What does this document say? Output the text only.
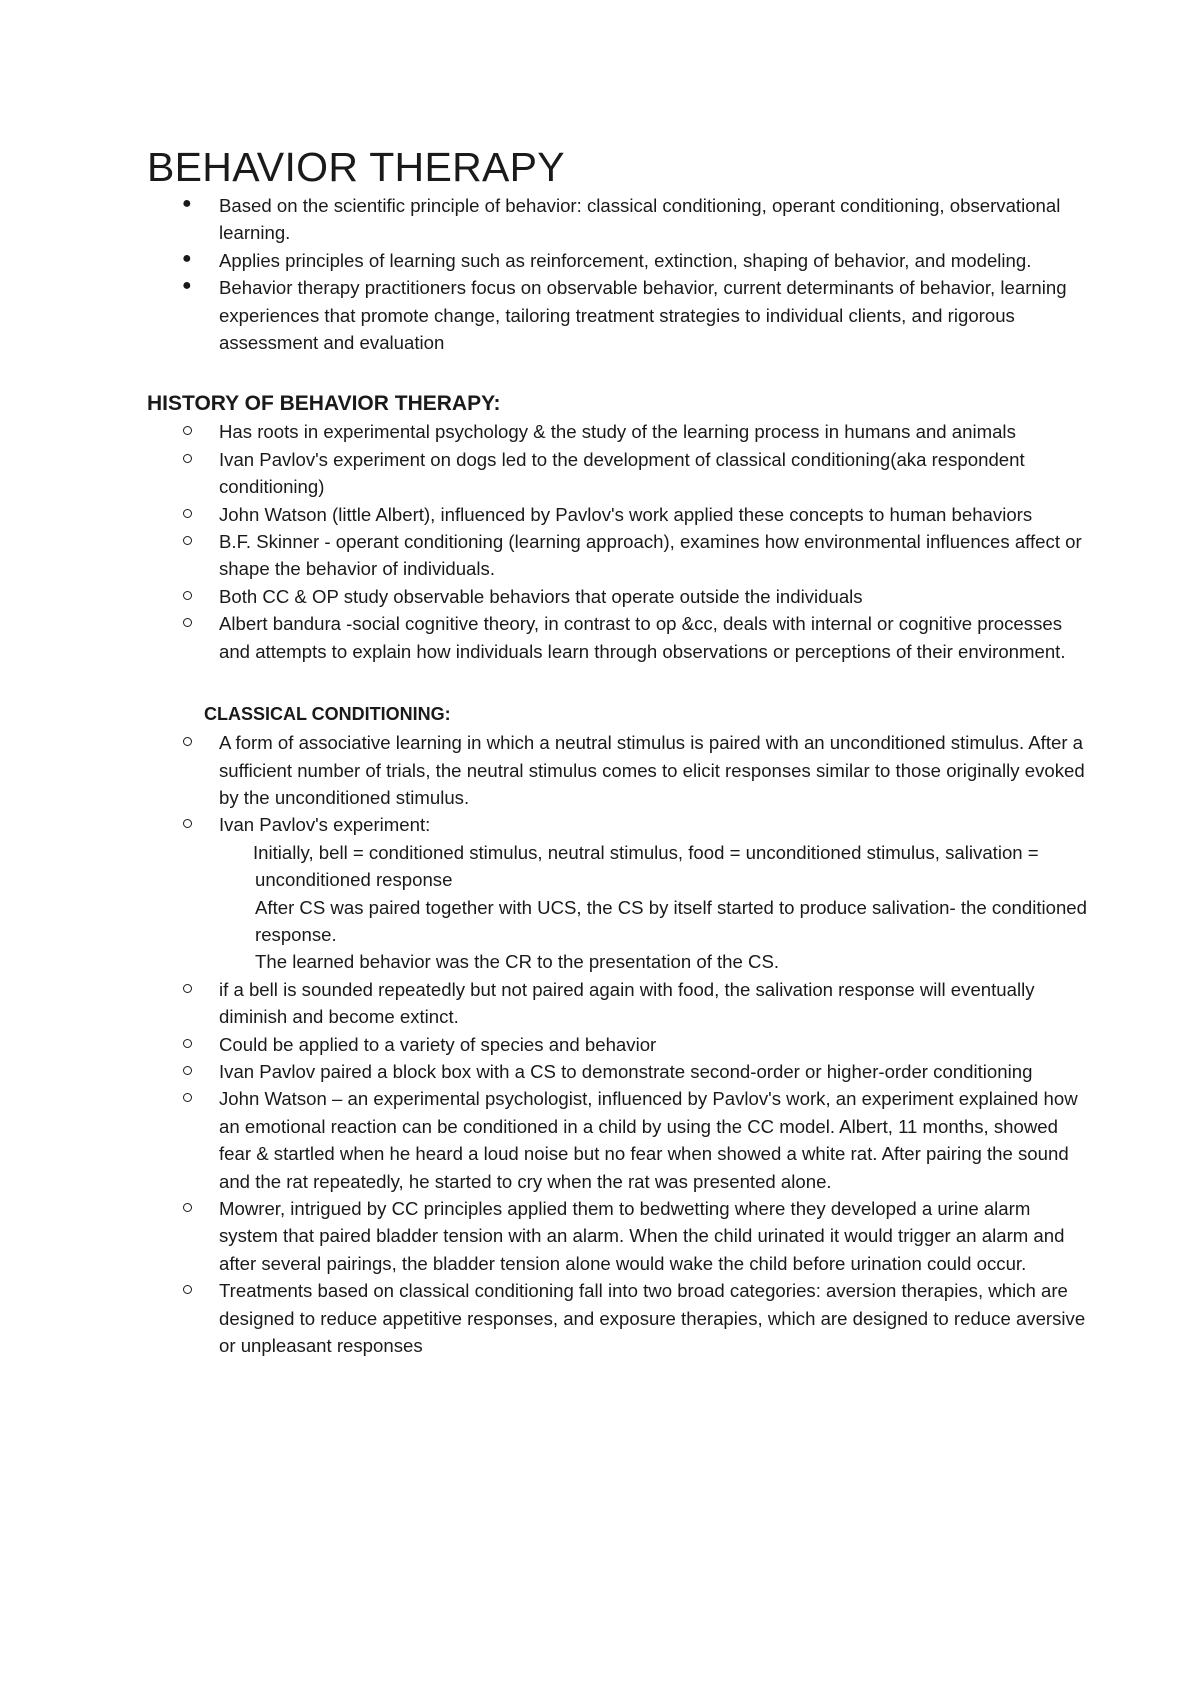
BEHAVIOR THERAPY
● Based on the scientific principle of behavior: classical conditioning, operant conditioning, observational learning.
● Applies principles of learning such as reinforcement, extinction, shaping of behavior, and modeling.
● Behavior therapy practitioners focus on observable behavior, current determinants of behavior, learning experiences that promote change, tailoring treatment strategies to individual clients, and rigorous assessment and evaluation
HISTORY OF BEHAVIOR THERAPY:
Has roots in experimental psychology & the study of the learning process in humans and animals
Ivan Pavlov's experiment on dogs led to the development of classical conditioning(aka respondent conditioning)
John Watson (little Albert), influenced by Pavlov's work applied these concepts to human behaviors
B.F. Skinner - operant conditioning (learning approach), examines how environmental influences affect or shape the behavior of individuals.
Both CC & OP study observable behaviors that operate outside the individuals
Albert bandura -social cognitive theory, in contrast to op &cc, deals with internal or cognitive processes and attempts to explain how individuals learn through observations or perceptions of their environment.
CLASSICAL CONDITIONING:
A form of associative learning in which a neutral stimulus is paired with an unconditioned stimulus. After a sufficient number of trials, the neutral stimulus comes to elicit responses similar to those originally evoked by the unconditioned stimulus.
Ivan Pavlov's experiment:
Initially, bell = conditioned stimulus, neutral stimulus, food = unconditioned stimulus, salivation = unconditioned response
After CS was paired together with UCS, the CS by itself started to produce salivation- the conditioned response.
The learned behavior was the CR to the presentation of the CS.
if a bell is sounded repeatedly but not paired again with food, the salivation response will eventually diminish and become extinct.
Could be applied to a variety of species and behavior
Ivan Pavlov paired a block box with a CS to demonstrate second-order or higher-order conditioning
John Watson – an experimental psychologist, influenced by Pavlov's work, an experiment explained how an emotional reaction can be conditioned in a child by using the CC model. Albert, 11 months, showed fear & startled when he heard a loud noise but no fear when showed a white rat. After pairing the sound and the rat repeatedly, he started to cry when the rat was presented alone.
Mowrer, intrigued by CC principles applied them to bedwetting where they developed a urine alarm system that paired bladder tension with an alarm. When the child urinated it would trigger an alarm and after several pairings, the bladder tension alone would wake the child before urination could occur.
Treatments based on classical conditioning fall into two broad categories: aversion therapies, which are designed to reduce appetitive responses, and exposure therapies, which are designed to reduce aversive or unpleasant responses
